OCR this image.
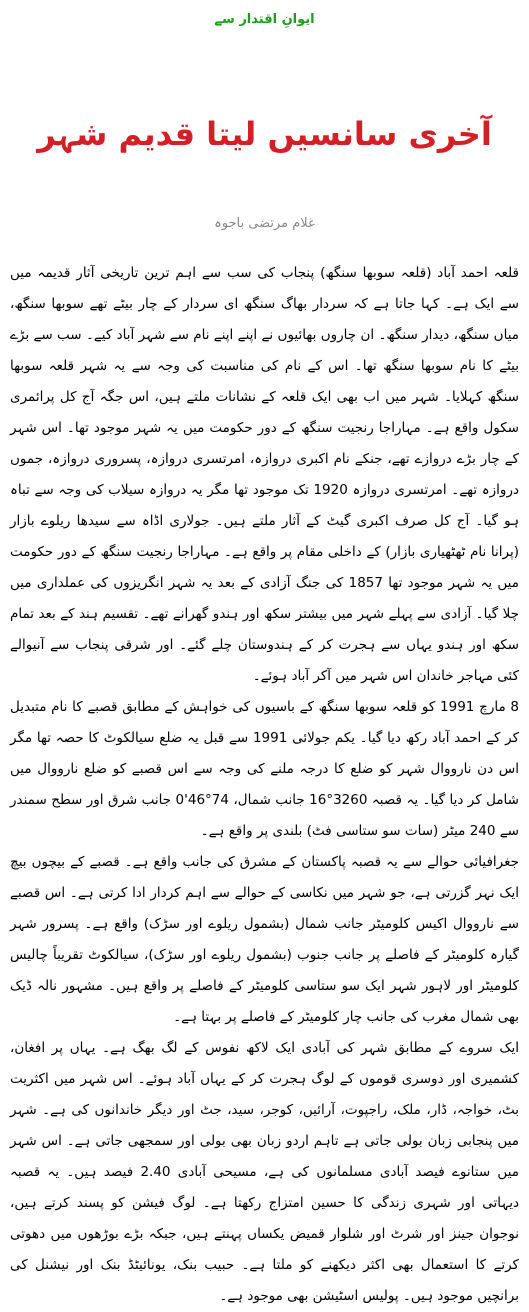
ایوانِ اقتدار سے
آخری سانسیں لیتا قدیم شہر
غلام مرتضی باجوہ

قلعہ احمد آباد (قلعہ سوبھا سنگھ) پنجاب کی سب سے اہم ترین تاریخی آثار قدیمہ میں سے ایک ہے۔ کہا جاتا ہے کہ سردار بھاگ سنگھ ای سردار کے چار بیٹے تھے سوبھا سنگھ، میاں سنگھ، دیدار سنگھ۔ ان چاروں بھائیوں نے اپنے اپنے نام سے شہر آباد کیے۔ سب سے بڑے بیٹے کا نام سوبھا سنگھ تھا۔ اس کے نام کی مناسبت کی وجہ سے یہ شہر قلعہ سوبھا سنگھ کہلایا۔ شہر میں اب بھی ایک قلعہ کے نشانات ملتے ہیں، اس جگہ آج کل پرائمری سکول واقع ہے۔ مہاراجا رنجیت سنگھ کے دور حکومت میں یہ شہر موجود تھا۔ اس شہر کے چار بڑے دروازے تھے، جنکے نام اکبری دروازہ، امرتسری دروازہ، پسروری دروازہ، جموں دروازہ تھے۔ امرتسری دروازہ 1920 تک موجود تھا مگر یہ دروازہ سیلاب کی وجہ سے تباہ ہو گیا۔ آج کل صرف اکبری گیٹ کے آثار ملتے ہیں۔ جولاری اڈاہ سے سیدھا ریلوے بازار (پرانا نام ٹھٹھیاری بازار) کے داخلی مقام پر واقع ہے۔ مہاراجا رنجیت سنگھ کے دور حکومت میں یہ شہر موجود تھا 1857 کی جنگ آزادی کے بعد یہ شہر انگریزوں کی عملداری میں چلا گیا۔ آزادی سے پہلے شہر میں بیشتر سکھ اور ہندو گھرانے تھے۔ تقسیم ہند کے بعد تمام سکھ اور ہندو یہاں سے ہجرت کر کے ہندوستان چلے گئے۔ اور شرقی پنجاب سے آنیوالے کئی مہاجر خاندان اس شہر میں آکر آباد ہوئے۔

8 مارچ 1991 کو قلعہ سوبھا سنگھ کے باسیوں کی خواہش کے مطابق قصبے کا نام متبدیل کر کے احمد آباد رکھ دیا گیا۔ یکم جولائی 1991 سے قبل یہ ضلع سیالکوٹ کا حصہ تھا مگر اس دن نارووال شہر کو ضلع کا درجہ ملنے کی وجہ سے اس قصبے کو ضلع نارووال میں شامل کر دیا گیا۔ یہ قصبہ 3260°16 جانب شمال، 74°46'0 جانب شرق اور سطح سمندر سے 240 میٹر (سات سو ستاسی فٹ) بلندی پر واقع ہے۔

جغرافیائی حوالے سے یہ قصبہ پاکستان کے مشرق کی جانب واقع ہے۔ قصبے کے بیچوں بیچ ایک نہر گزرتی ہے، جو شہر میں نکاسی کے حوالے سے اہم کردار ادا کرتی ہے۔ اس قصبے سے نارووال اکیس کلومیٹر جانب شمال (بشمول ریلوے اور سڑک) واقع ہے۔ پسرور شہر گیارہ کلومیٹر کے فاصلے پر جانب جنوب (بشمول ریلوے اور سڑک)، سیالکوٹ تقریباً چالیس کلومیٹر اور لاہور شہر ایک سو ستاسی کلومیٹر کے فاصلے پر واقع ہیں۔ مشہور نالہ ڈیک بھی شمال مغرب کی جانب چار کلومیٹر کے فاصلے پر بہتا ہے۔

ایک سروے کے مطابق شہر کی آبادی ایک لاکھ نفوس کے لگ بھگ ہے۔ یہاں پر افغان، کشمیری اور دوسری قوموں کے لوگ ہجرت کر کے یہاں آباد ہوئے۔ اس شہر میں اکثریت بٹ، خواجہ، ڈار، ملک، راجپوت، آرائیں، کوجر، سید، جٹ اور دیگر خاندانوں کی ہے۔ شہر میں پنجابی زبان بولی جاتی ہے تاہم اردو زبان بھی بولی اور سمجھی جاتی ہے۔ اس شہر میں ستانوے فیصد آبادی مسلمانوں کی ہے، مسیحی آبادی 2.40 فیصد ہیں۔ یہ قصبہ دیہاتی اور شہری زندگی کا حسین امتزاج رکھتا ہے۔ لوگ فیشن کو پسند کرتے ہیں، نوجوان جینز اور شرٹ اور شلوار قمیض یکساں پہنتے ہیں، جبکہ بڑے بوڑھوں میں دھوتی کرتے کا استعمال بھی اکثر دیکھنے کو ملتا ہے۔ حبیب بنک، یونائیٹڈ بنک اور نیشنل کی برانچیں موجود ہیں۔ پولیس اسٹیشن بھی موجود ہے۔
